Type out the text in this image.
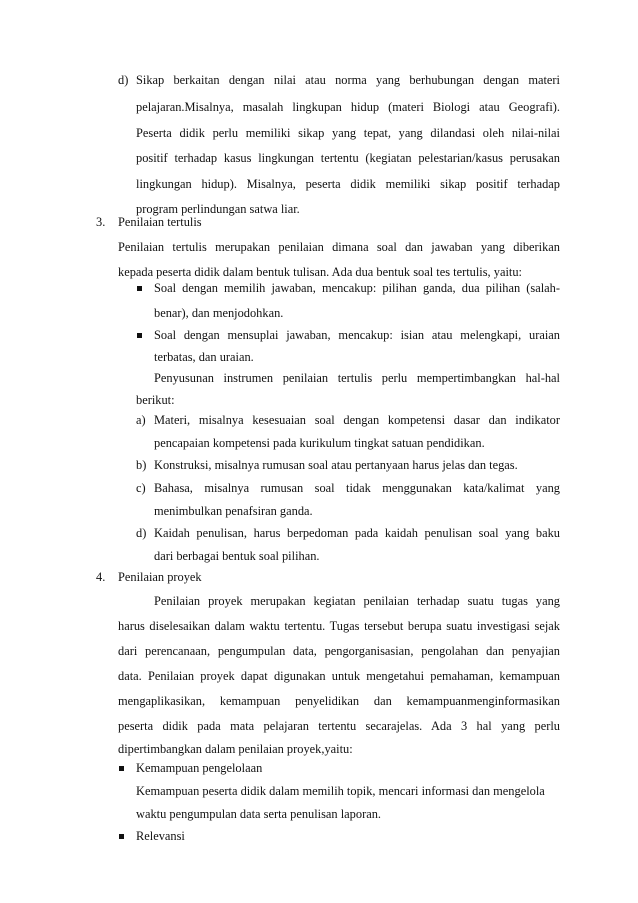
d) Sikap berkaitan dengan nilai atau norma yang berhubungan dengan materi
pelajaran.Misalnya, masalah lingkupan hidup (materi Biologi atau Geografi).
Peserta didik perlu memiliki sikap yang tepat, yang dilandasi oleh nilai-nilai
positif terhadap kasus lingkungan tertentu (kegiatan pelestarian/kasus perusakan
lingkungan hidup). Misalnya, peserta didik memiliki sikap positif terhadap
program perlindungan satwa liar.
3. Penilaian tertulis
Penilaian tertulis merupakan penilaian dimana soal dan jawaban yang diberikan
kepada peserta didik dalam bentuk tulisan. Ada dua bentuk soal tes tertulis, yaitu:
Soal dengan memilih jawaban, mencakup: pilihan ganda, dua pilihan (salah-
benar), dan menjodohkan.
Soal dengan mensuplai jawaban, mencakup: isian atau melengkapi, uraian
terbatas, dan uraian.
Penyusunan instrumen penilaian tertulis perlu mempertimbangkan hal-hal
berikut:
a) Materi, misalnya kesesuaian soal dengan kompetensi dasar dan indikator
pencapaian kompetensi pada kurikulum tingkat satuan pendidikan.
b) Konstruksi, misalnya rumusan soal atau pertanyaan harus jelas dan tegas.
c) Bahasa, misalnya rumusan soal tidak menggunakan kata/kalimat yang
menimbulkan penafsiran ganda.
d) Kaidah penulisan, harus berpedoman pada kaidah penulisan soal yang baku
dari berbagai bentuk soal pilihan.
4. Penilaian proyek
Penilaian proyek merupakan kegiatan penilaian terhadap suatu tugas yang
harus diselesaikan dalam waktu tertentu. Tugas tersebut berupa suatu investigasi sejak
dari perencanaan, pengumpulan data, pengorganisasian, pengolahan dan penyajian
data. Penilaian proyek dapat digunakan untuk mengetahui pemahaman, kemampuan
mengaplikasikan, kemampuan penyelidikan dan kemampuanmenginformasikan
peserta didik pada mata pelajaran tertentu secarajelas. Ada 3 hal yang perlu
dipertimbangkan dalam penilaian proyek,yaitu:
Kemampuan pengelolaan
Kemampuan peserta didik dalam memilih topik, mencari informasi dan mengelola
waktu pengumpulan data serta penulisan laporan.
Relevansi
